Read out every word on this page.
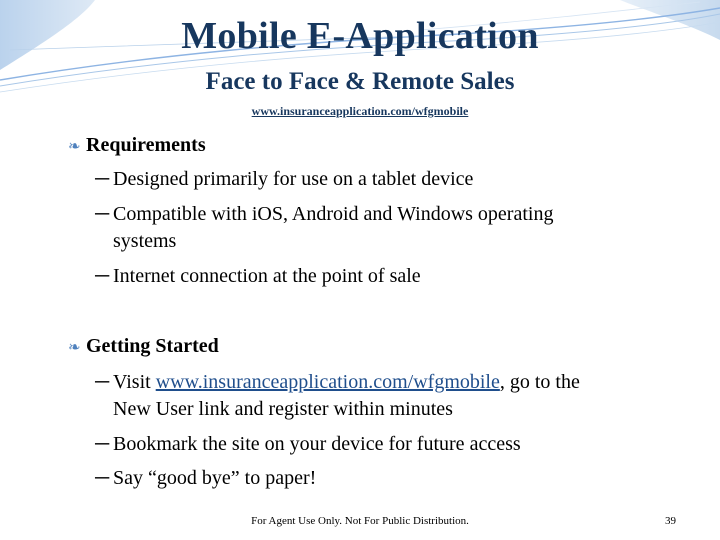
Mobile E-Application
Face to Face & Remote Sales
www.insuranceapplication.com/wfgmobile
❧ Requirements
─ Designed primarily for use on a tablet device
─ Compatible with iOS, Android and Windows operating
systems
─ Internet connection at the point of sale
❧ Getting Started
─ Visit www.insuranceapplication.com/wfgmobile, go to the
New User link and register within minutes
─ Bookmark the site on your device for future access
─ Say “good bye” to paper!
For Agent Use Only. Not For Public Distribution.	39
